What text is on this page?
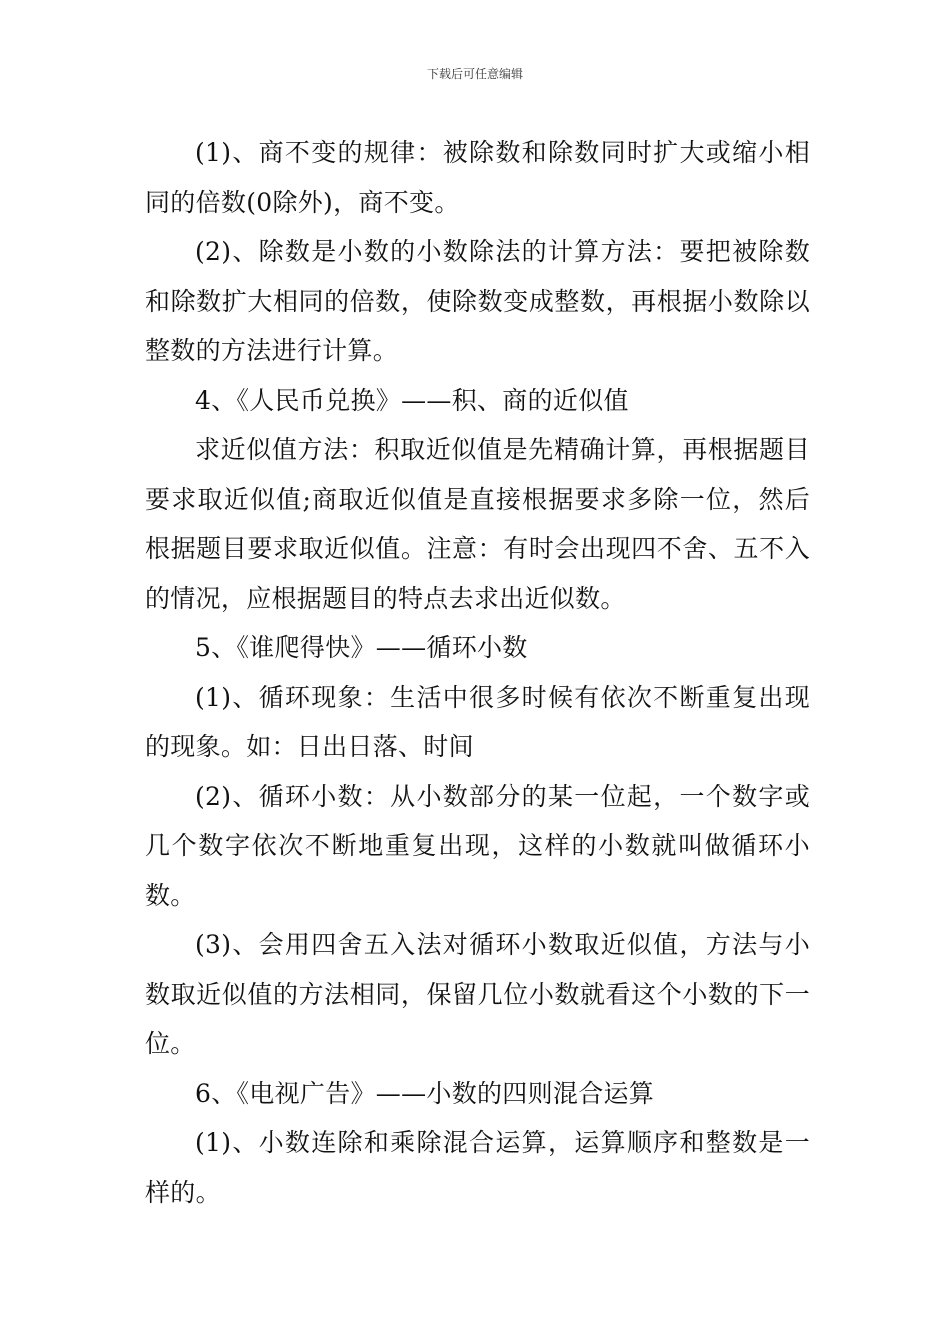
下载后可任意编辑

(1)、商不变的规律：被除数和除数同时扩大或缩小相同的倍数(0除外)，商不变。

(2)、除数是小数的小数除法的计算方法：要把被除数和除数扩大相同的倍数，使除数变成整数，再根据小数除以整数的方法进行计算。

4、《人民币兑换》——积、商的近似值

求近似值方法：积取近似值是先精确计算，再根据题目要求取近似值;商取近似值是直接根据要求多除一位，然后根据题目要求取近似值。注意：有时会出现四不舍、五不入的情况，应根据题目的特点去求出近似数。

5、《谁爬得快》——循环小数

(1)、循环现象：生活中很多时候有依次不断重复出现的现象。如：日出日落、时间

(2)、循环小数：从小数部分的某一位起，一个数字或几个数字依次不断地重复出现，这样的小数就叫做循环小数。

(3)、会用四舍五入法对循环小数取近似值，方法与小数取近似值的方法相同，保留几位小数就看这个小数的下一位。

6、《电视广告》——小数的四则混合运算

(1)、小数连除和乘除混合运算，运算顺序和整数是一样的。
